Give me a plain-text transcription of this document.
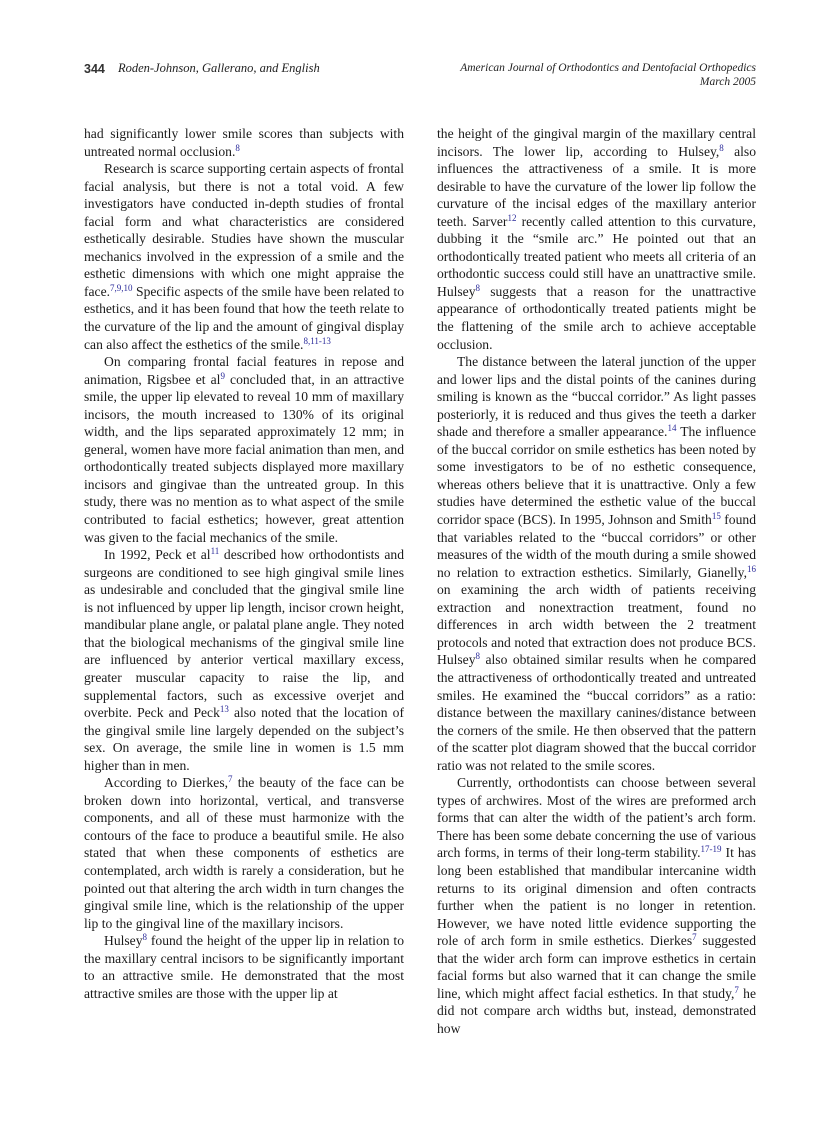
344 Roden-Johnson, Gallerano, and English	American Journal of Orthodontics and Dentofacial Orthopedics
March 2005

had significantly lower smile scores than subjects with untreated normal occlusion.$^8$

Research is scarce supporting certain aspects of frontal facial analysis, but there is not a total void. A few investigators have conducted in-depth studies of frontal facial form and what characteristics are considered esthetically desirable. Studies have shown the muscular mechanics involved in the expression of a smile and the esthetic dimensions with which one might appraise the face.$^{7,9,10}$ Specific aspects of the smile have been related to esthetics, and it has been found that how the teeth relate to the curvature of the lip and the amount of gingival display can also affect the esthetics of the smile.$^{8,11-13}$

On comparing frontal facial features in repose and animation, Rigsbee et $al^9$ concluded that, in an attractive smile, the upper lip elevated to reveal 10 mm of maxillary incisors, the mouth increased to 130% of its original width, and the lips separated approximately 12 mm; in general, women have more facial animation than men, and orthodontically treated subjects displayed more maxillary incisors and gingivae than the untreated group. In this study, there was no mention as to what aspect of the smile contributed to facial esthetics; however, great attention was given to the facial mechanics of the smile.

In 1992, Peck et $al^{11}$ described how orthodontists and surgeons are conditioned to see high gingival smile lines as undesirable and concluded that the gingival smile line is not influenced by upper lip length, incisor crown height, mandibular plane angle, or palatal plane angle. They noted that the biological mechanisms of the gingival smile line are influenced by anterior vertical maxillary excess, greater muscular capacity to raise the lip, and supplemental factors, such as excessive overjet and overbite. Peck and Peck$^{13}$ also noted that the location of the gingival smile line largely depended on the subject’s sex. On average, the smile line in women is 1.5 mm higher than in men.

According to Dierkes,$^7$ the beauty of the face can be broken down into horizontal, vertical, and transverse components, and all of these must harmonize with the contours of the face to produce a beautiful smile. He also stated that when these components of esthetics are contemplated, arch width is rarely a consideration, but he pointed out that altering the arch width in turn changes the gingival smile line, which is the relationship of the upper lip to the gingival line of the maxillary incisors.

Hulsey$^8$ found the height of the upper lip in relation to the maxillary central incisors to be significantly important to an attractive smile. He demonstrated that the most attractive smiles are those with the upper lip at

the height of the gingival margin of the maxillary central incisors. The lower lip, according to Hulsey,$^8$ also influences the attractiveness of a smile. It is more desirable to have the curvature of the lower lip follow the curvature of the incisal edges of the maxillary anterior teeth. Sarver$^{12}$ recently called attention to this curvature, dubbing it the “smile arc.” He pointed out that an orthodontically treated patient who meets all criteria of an orthodontic success could still have an unattractive smile. Hulsey$^8$ suggests that a reason for the unattractive appearance of orthodontically treated patients might be the flattening of the smile arch to achieve acceptable occlusion.

The distance between the lateral junction of the upper and lower lips and the distal points of the canines during smiling is known as the “buccal corridor.” As light passes posteriorly, it is reduced and thus gives the teeth a darker shade and therefore a smaller appearance.$^{14}$ The influence of the buccal corridor on smile esthetics has been noted by some investigators to be of no esthetic consequence, whereas others believe that it is unattractive. Only a few studies have determined the esthetic value of the buccal corridor space (BCS). In 1995, Johnson and Smith$^{15}$ found that variables related to the “buccal corridors” or other measures of the width of the mouth during a smile showed no relation to extraction esthetics. Similarly, Gianelly,$^{16}$ on examining the arch width of patients receiving extraction and nonextraction treatment, found no differences in arch width between the 2 treatment protocols and noted that extraction does not produce BCS. Hulsey$^8$ also obtained similar results when he compared the attractiveness of orthodontically treated and untreated smiles. He examined the “buccal corridors” as a ratio: distance between the maxillary canines/distance between the corners of the smile. He then observed that the pattern of the scatter plot diagram showed that the buccal corridor ratio was not related to the smile scores.

Currently, orthodontists can choose between several types of archwires. Most of the wires are preformed arch forms that can alter the width of the patient’s arch form. There has been some debate concerning the use of various arch forms, in terms of their long-term stability.$^{17-19}$ It has long been established that mandibular intercanine width returns to its original dimension and often contracts further when the patient is no longer in retention. However, we have noted little evidence supporting the role of arch form in smile esthetics. Dierkes$^7$ suggested that the wider arch form can improve esthetics in certain facial forms but also warned that it can change the smile line, which might affect facial esthetics. In that study,$^7$ he did not compare arch widths but, instead, demonstrated how
